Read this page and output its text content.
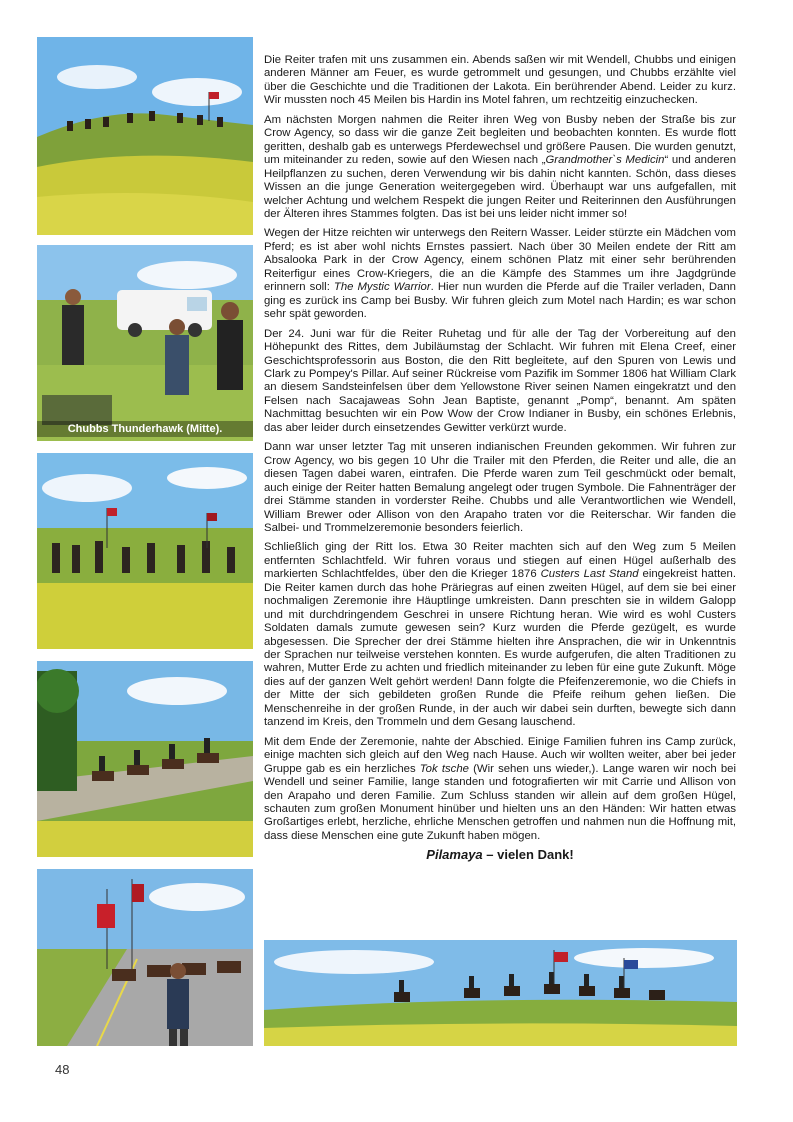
Chubbs Thunderhawk (Mitte).

Die Reiter trafen mit uns zusammen ein. Abends saßen wir mit Wendell, Chubbs und einigen anderen Männer am Feuer, es wurde getrommelt und gesungen, und Chubbs erzählte viel über die Geschichte und die Traditionen der Lakota. Ein berührender Abend. Leider zu kurz. Wir mussten noch 45 Meilen bis Hardin ins Motel fahren, um rechtzeitig einzuchecken.

Am nächsten Morgen nahmen die Reiter ihren Weg von Busby neben der Straße bis zur Crow Agency, so dass wir die ganze Zeit begleiten und beobachten konnten. Es wurde flott geritten, deshalb gab es unterwegs Pferdewechsel und größere Pausen. Die wurden genutzt, um miteinander zu reden, sowie auf den Wiesen nach „Grandmother`s Medicin“ und anderen Heilpflanzen zu suchen, deren Verwendung wir bis dahin nicht kannten. Schön, dass dieses Wissen an die junge Generation weitergegeben wird. Überhaupt war uns aufgefallen, mit welcher Achtung und welchem Respekt die jungen Reiter und Reiterinnen den Ausführungen der Älteren ihres Stammes folgten. Das ist bei uns leider nicht immer so!

Wegen der Hitze reichten wir unterwegs den Reitern Wasser. Leider stürzte ein Mädchen vom Pferd; es ist aber wohl nichts Ernstes passiert. Nach über 30 Meilen endete der Ritt am Absalooka Park in der Crow Agency, einem schönen Platz mit einer sehr berührenden Reiterfigur eines Crow-Kriegers, die an die Kämpfe des Stammes um ihre Jagdgründe erinnern soll: The Mystic Warrior. Hier nun wurden die Pferde auf die Trailer verladen, Dann ging es zurück ins Camp bei Busby. Wir fuhren gleich zum Motel nach Hardin; es war schon sehr spät geworden.

Der 24. Juni war für die Reiter Ruhetag und für alle der Tag der Vorbereitung auf den Höhepunkt des Rittes, dem Jubiläumstag der Schlacht. Wir fuhren mit Elena Creef, einer Geschichtsprofessorin aus Boston, die den Ritt begleitete, auf den Spuren von Lewis und Clark zu Pompey's Pillar. Auf seiner Rückreise vom Pazifik im Sommer 1806 hat William Clark an diesem Sandsteinfelsen über dem Yellowstone River seinen Namen eingekratzt und den Felsen nach Sacajaweas Sohn Jean Baptiste, genannt „Pomp“, benannt. Am späten Nachmittag besuchten wir ein Pow Wow der Crow Indianer in Busby, ein schönes Erlebnis, das aber leider durch einsetzendes Gewitter verkürzt wurde.

Dann war unser letzter Tag mit unseren indianischen Freunden gekommen. Wir fuhren zur Crow Agency, wo bis gegen 10 Uhr die Trailer mit den Pferden, die Reiter und alle, die an diesen Tagen dabei waren, eintrafen. Die Pferde waren zum Teil geschmückt oder bemalt, auch einige der Reiter hatten Bemalung angelegt oder trugen Symbole. Die Fahnenträger der drei Stämme standen in vorderster Reihe. Chubbs und alle Verantwortlichen wie Wendell, William Brewer oder Allison von den Arapaho traten vor die Reiterschar. Wir fanden die Salbei- und Trommelzeremonie besonders feierlich.

Schließlich ging der Ritt los. Etwa 30 Reiter machten sich auf den Weg zum 5 Meilen entfernten Schlachtfeld. Wir fuhren voraus und stiegen auf einen Hügel außerhalb des markierten Schlachtfeldes, über den die Krieger 1876 Custers Last Stand eingekreist hatten. Die Reiter kamen durch das hohe Präriegras auf einen zweiten Hügel, auf dem sie bei einer nochmaligen Zeremonie ihre Häuptlinge umkreisten. Dann preschten sie in wildem Galopp und mit durchdringendem Geschrei in unsere Richtung heran. Wie wird es wohl Custers Soldaten damals zumute gewesen sein? Kurz wurden die Pferde gezügelt, es wurde abgesessen. Die Sprecher der drei Stämme hielten ihre Ansprachen, die wir in Unkenntnis der Sprachen nur teilweise verstehen konnten. Es wurde aufgerufen, die alten Traditionen zu wahren, Mutter Erde zu achten und friedlich miteinander zu leben für eine gute Zukunft. Möge dies auf der ganzen Welt gehört werden! Dann folgte die Pfeifenzeremonie, wo die Chiefs in der Mitte der sich gebildeten großen Runde die Pfeife reihum gehen ließen. Die Menschenreihe in der großen Runde, in der auch wir dabei sein durften, bewegte sich dann tanzend im Kreis, den Trommeln und dem Gesang lauschend.

Mit dem Ende der Zeremonie, nahte der Abschied. Einige Familien fuhren ins Camp zurück, einige machten sich gleich auf den Weg nach Hause. Auch wir wollten weiter, aber bei jeder Gruppe gab es ein herzliches Tok tsche (Wir sehen uns wieder,). Lange waren wir noch bei Wendell und seiner Familie, lange standen und fotografierten wir mit Carrie und Allison von den Arapaho und deren Familie. Zum Schluss standen wir allein auf dem großen Hügel, schauten zum großen Monument hinüber und hielten uns an den Händen: Wir hatten etwas Großartiges erlebt, herzliche, ehrliche Menschen getroffen und nahmen nun die Hoffnung mit, dass diese Menschen eine gute Zukunft haben mögen.

Pilamaya – vielen Dank!
48
